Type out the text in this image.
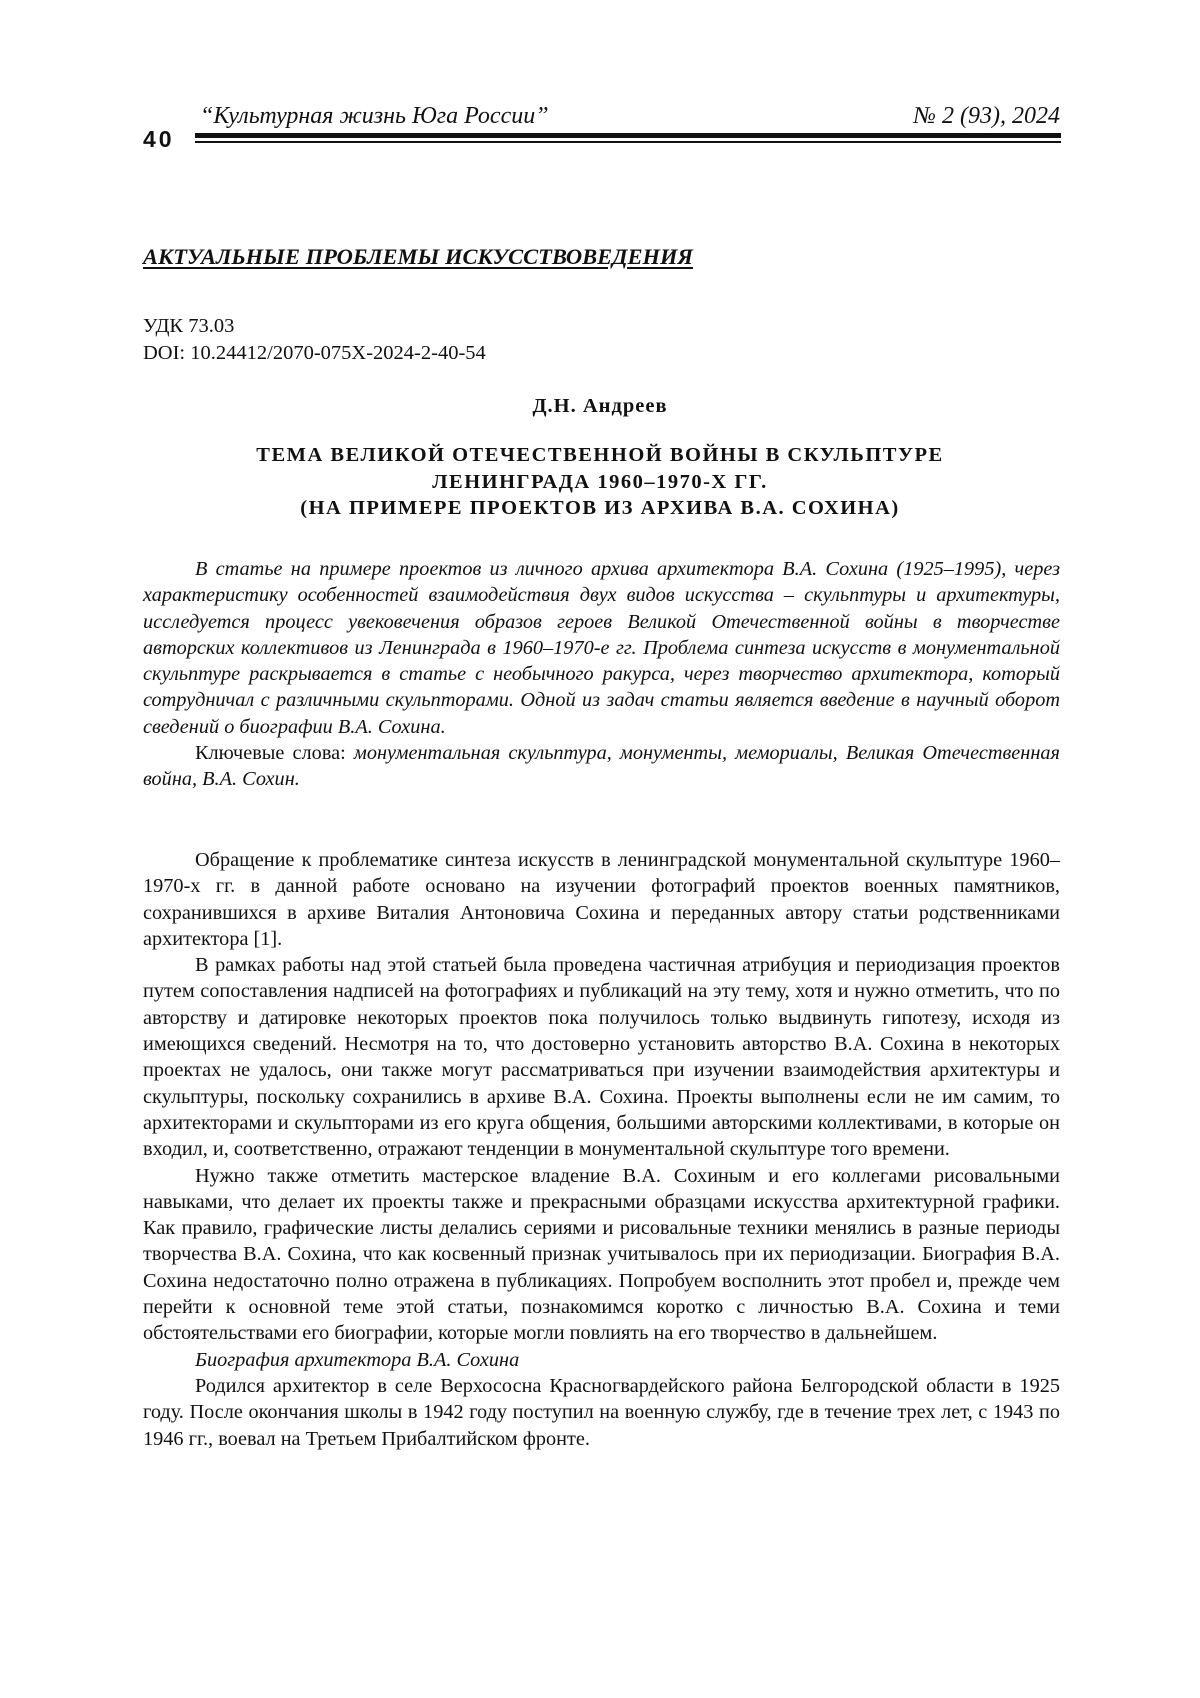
“Культурная жизнь Юга России”	№ 2 (93), 2024
40
АКТУАЛЬНЫЕ ПРОБЛЕМЫ ИСКУССТВОВЕДЕНИЯ
УДК 73.03
DOI: 10.24412/2070-075X-2024-2-40-54
Д.Н. Андреев
ТЕМА ВЕЛИКОЙ ОТЕЧЕСТВЕННОЙ ВОЙНЫ В СКУЛЬПТУРЕ
ЛЕНИНГРАДА 1960–1970-Х ГГ.
(НА ПРИМЕРЕ ПРОЕКТОВ ИЗ АРХИВА В.А. СОХИНА)

В статье на примере проектов из личного архива архитектора В.А. Сохина (1925–1995), через характеристику особенностей взаимодействия двух видов искусства – скульптуры и архитектуры, исследуется процесс увековечения образов героев Великой Отечественной войны в творчестве авторских коллективов из Ленинграда в 1960–1970-е гг. Проблема синтеза искусств в монументальной скульптуре раскрывается в статье с необычного ракурса, через творчество архитектора, который сотрудничал с различными скульпторами. Одной из задач статьи является введение в научный оборот сведений о биографии В.А. Сохина.

Ключевые слова: монументальная скульптура, монументы, мемориалы, Великая Отечественная война, В.А. Сохин.

Обращение к проблематике синтеза искусств в ленинградской монументальной скульптуре 1960–1970-х гг. в данной работе основано на изучении фотографий проектов военных памятников, сохранившихся в архиве Виталия Антоновича Сохина и переданных автору статьи родственниками архитектора [1].

В рамках работы над этой статьей была проведена частичная атрибуция и периодизация проектов путем сопоставления надписей на фотографиях и публикаций на эту тему, хотя и нужно отметить, что по авторству и датировке некоторых проектов пока получилось только выдвинуть гипотезу, исходя из имеющихся сведений. Несмотря на то, что достоверно установить авторство В.А. Сохина в некоторых проектах не удалось, они также могут рассматриваться при изучении взаимодействия архитектуры и скульптуры, поскольку сохранились в архиве В.А. Сохина. Проекты выполнены если не им самим, то архитекторами и скульпторами из его круга общения, большими авторскими коллективами, в которые он входил, и, соответственно, отражают тенденции в монументальной скульптуре того времени.

Нужно также отметить мастерское владение В.А. Сохиным и его коллегами рисовальными навыками, что делает их проекты также и прекрасными образцами искусства архитектурной графики. Как правило, графические листы делались сериями и рисовальные техники менялись в разные периоды творчества В.А. Сохина, что как косвенный признак учитывалось при их периодизации. Биография В.А. Сохина недостаточно полно отражена в публикациях. Попробуем восполнить этот пробел и, прежде чем перейти к основной теме этой статьи, познакомимся коротко с личностью В.А. Сохина и теми обстоятельствами его биографии, которые могли повлиять на его творчество в дальнейшем.

Биография архитектора В.А. Сохина

Родился архитектор в селе Верхососна Красногвардейского района Белгородской области в 1925 году. После окончания школы в 1942 году поступил на военную службу, где в течение трех лет, с 1943 по 1946 гг., воевал на Третьем Прибалтийском фронте.
